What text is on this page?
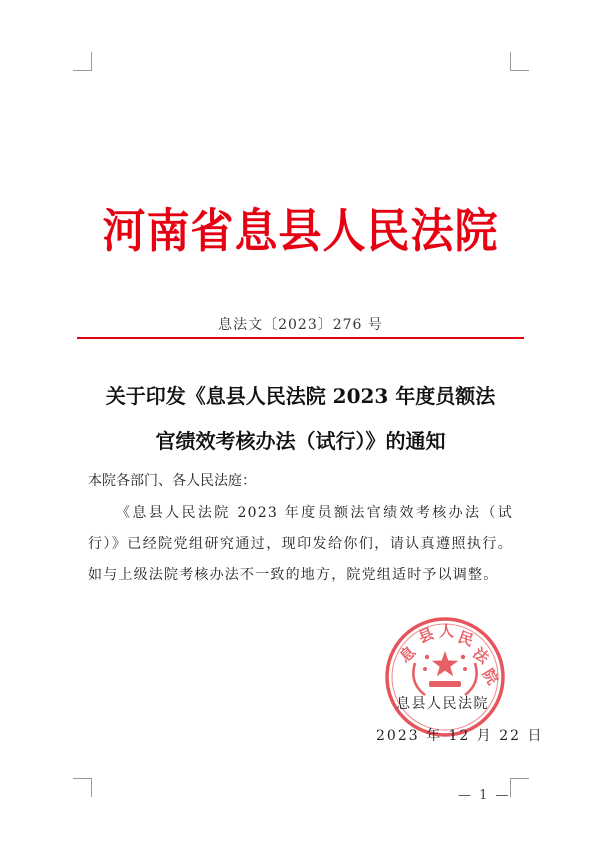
河南省息县人民法院
息法文〔2023〕276 号
关于印发《息县人民法院 2023 年度员额法
官绩效考核办法（试行）》的通知
本院各部门、各人民法庭：

《息县人民法院 2023 年度员额法官绩效考核办法（试行）》已经院党组研究通过，现印发给你们，请认真遵照执行。如与上级法院考核办法不一致的地方，院党组适时予以调整。

息
县 人 民
法
院
息县人民法院
2023 年 12 月 22 日
— 1 —
